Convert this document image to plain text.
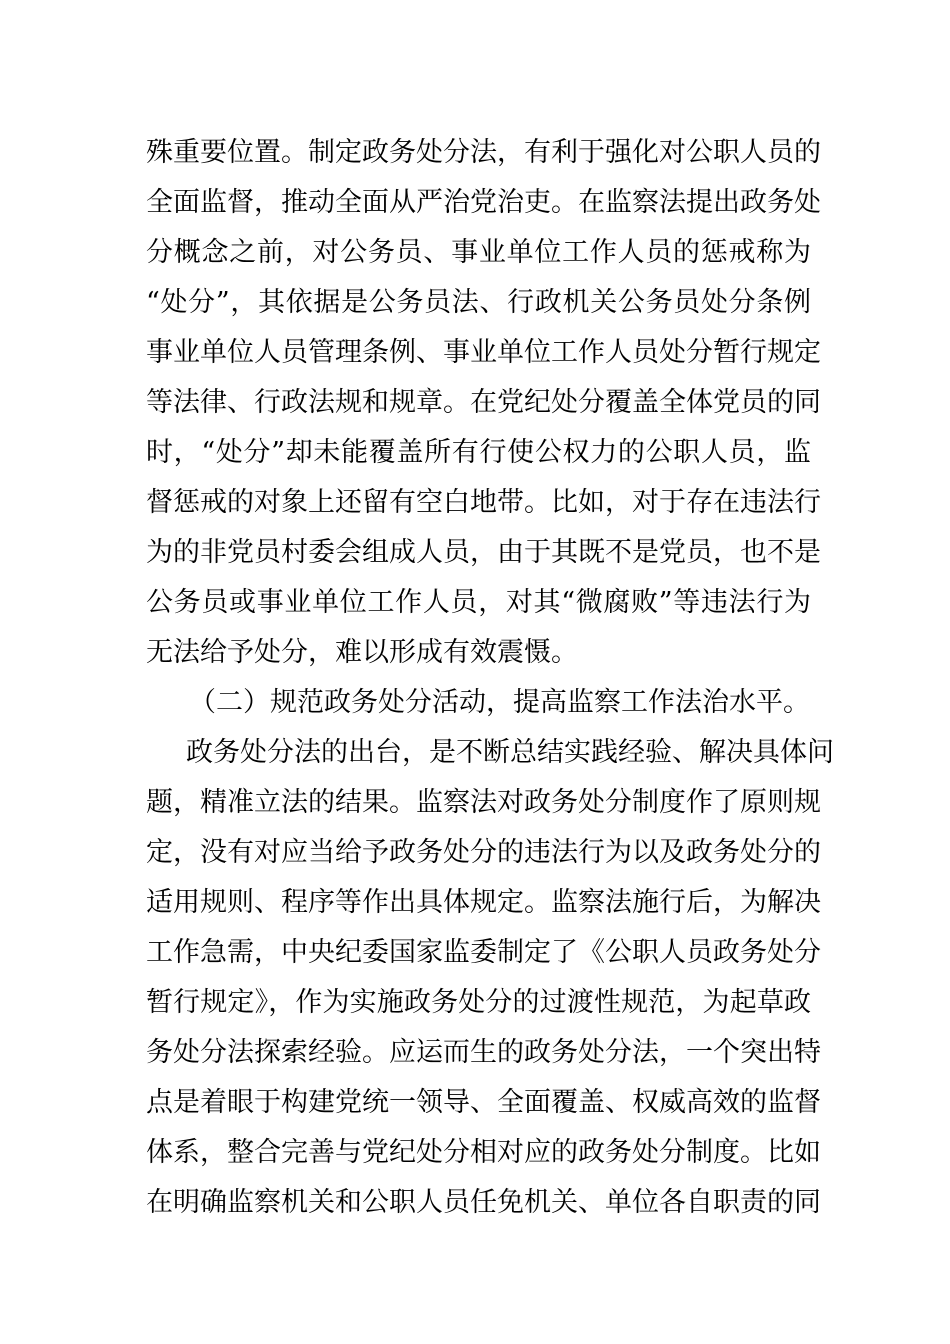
殊重要位置。制定政务处分法，有利于强化对公职人员的
全面监督，推动全面从严治党治吏。在监察法提出政务处
分概念之前，对公务员、事业单位工作人员的惩戒称为
“处分”，其依据是公务员法、行政机关公务员处分条例
事业单位人员管理条例、事业单位工作人员处分暂行规定
等法律、行政法规和规章。在党纪处分覆盖全体党员的同
时，“处分”却未能覆盖所有行使公权力的公职人员，监
督惩戒的对象上还留有空白地带。比如，对于存在违法行
为的非党员村委会组成人员，由于其既不是党员，也不是
公务员或事业单位工作人员，对其“微腐败”等违法行为
无法给予处分，难以形成有效震慑。
（二）规范政务处分活动，提高监察工作法治水平。
政务处分法的出台，是不断总结实践经验、解决具体问
题，精准立法的结果。监察法对政务处分制度作了原则规
定，没有对应当给予政务处分的违法行为以及政务处分的
适用规则、程序等作出具体规定。监察法施行后，为解决
工作急需，中央纪委国家监委制定了《公职人员政务处分
暂行规定》，作为实施政务处分的过渡性规范，为起草政
务处分法探索经验。应运而生的政务处分法，一个突出特
点是着眼于构建党统一领导、全面覆盖、权威高效的监督
体系，整合完善与党纪处分相对应的政务处分制度。比如
在明确监察机关和公职人员任免机关、单位各自职责的同
